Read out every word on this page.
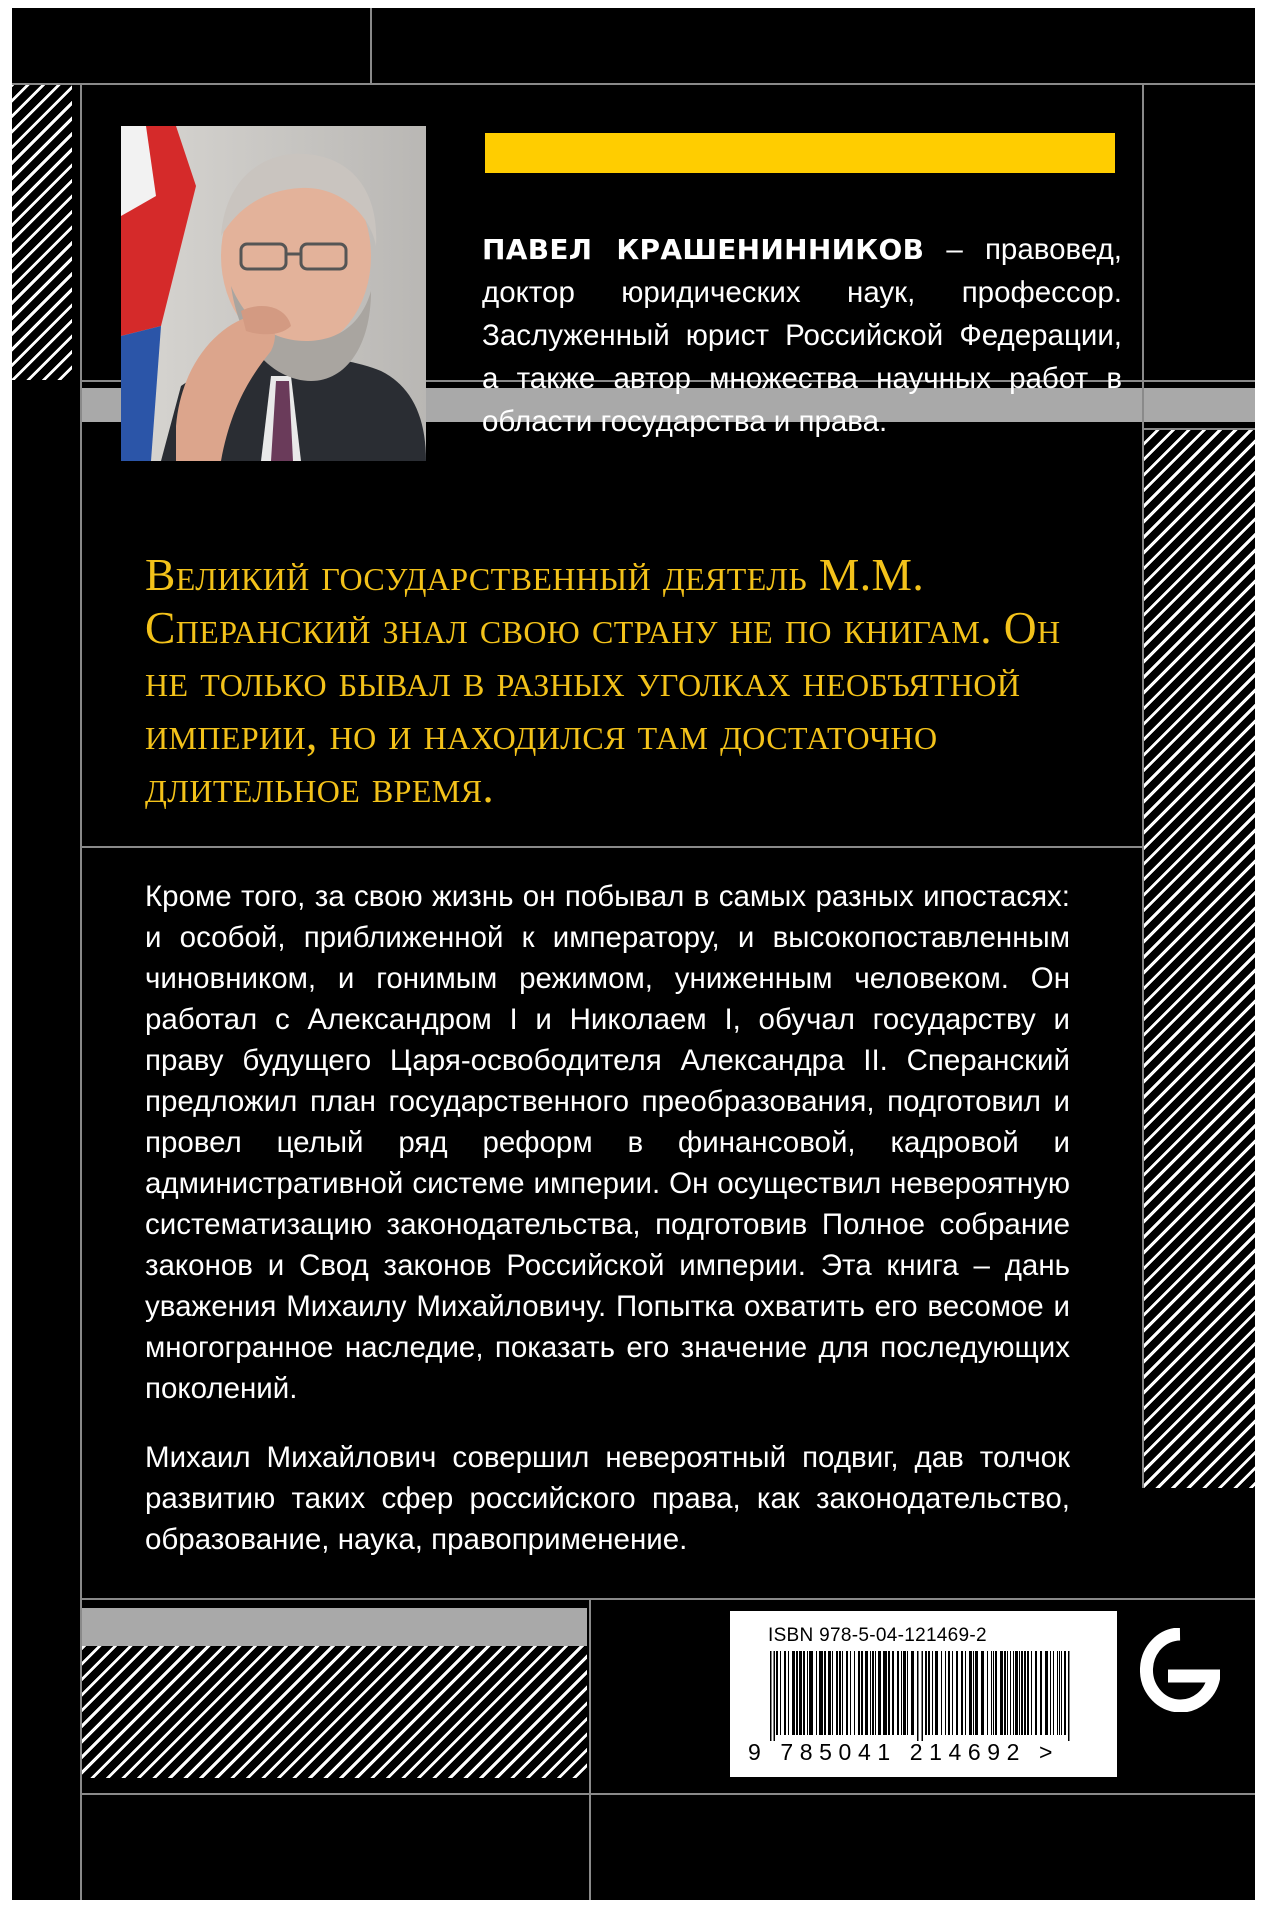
ПАВЕЛ КРАШЕНИННИКОВ – правовед, доктор юридических наук, профессор. Заслуженный юрист Российской Федерации, а также автор множества научных работ в области государства и права.
Великий государственный деятель М.М. Сперанский знал свою страну не по книгам. Он не только бывал в разных уголках необъятной империи, но и находился там достаточно длительное время.
Кроме того, за свою жизнь он побывал в самых разных ипостасях: и особой, приближенной к императору, и высокопоставленным чиновником, и гонимым режимом, униженным человеком. Он работал с Александром I и Николаем I, обучал государству и праву будущего Царя-освободителя Александра II. Сперанский предложил план государственного преобразования, подготовил и провел целый ряд реформ в финансовой, кадровой и административной системе империи. Он осуществил невероятную систематизацию законодательства, подготовив Полное собрание законов и Свод законов Российской империи. Эта книга – дань уважения Михаилу Михайловичу. Попытка охватить его весомое и многогранное наследие, показать его значение для последующих поколений.
Михаил Михайлович совершил невероятный подвиг, дав толчок развитию таких сфер российского права, как законодательство, образование, наука, правоприменение.
ISBN 978-5-04-121469-2
9 785041 214692 >
